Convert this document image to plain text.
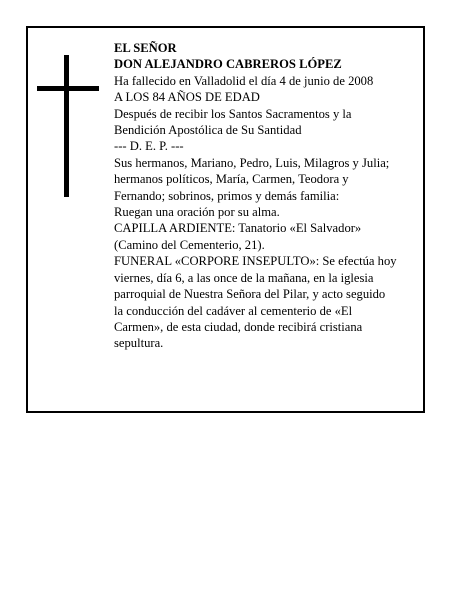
EL SEÑOR

DON ALEJANDRO CABREROS LÓPEZ

Ha fallecido en Valladolid el día 4 de junio de 2008

A LOS 84 AÑOS DE EDAD

Después de recibir los Santos Sacramentos y la

Bendición Apostólica de Su Santidad

--- D. E. P. ---

Sus hermanos, Mariano, Pedro, Luis, Milagros y Julia;

hermanos políticos, María, Carmen, Teodora y

Fernando; sobrinos, primos y demás familia:

Ruegan una oración por su alma.

CAPILLA ARDIENTE: Tanatorio «El Salvador»

(Camino del Cementerio, 21).

FUNERAL «CORPORE INSEPULTO»: Se efectúa hoy

viernes, día 6, a las once de la mañana, en la iglesia

parroquial de Nuestra Señora del Pilar, y acto seguido

la conducción del cadáver al cementerio de «El

Carmen», de esta ciudad, donde recibirá cristiana

sepultura.
